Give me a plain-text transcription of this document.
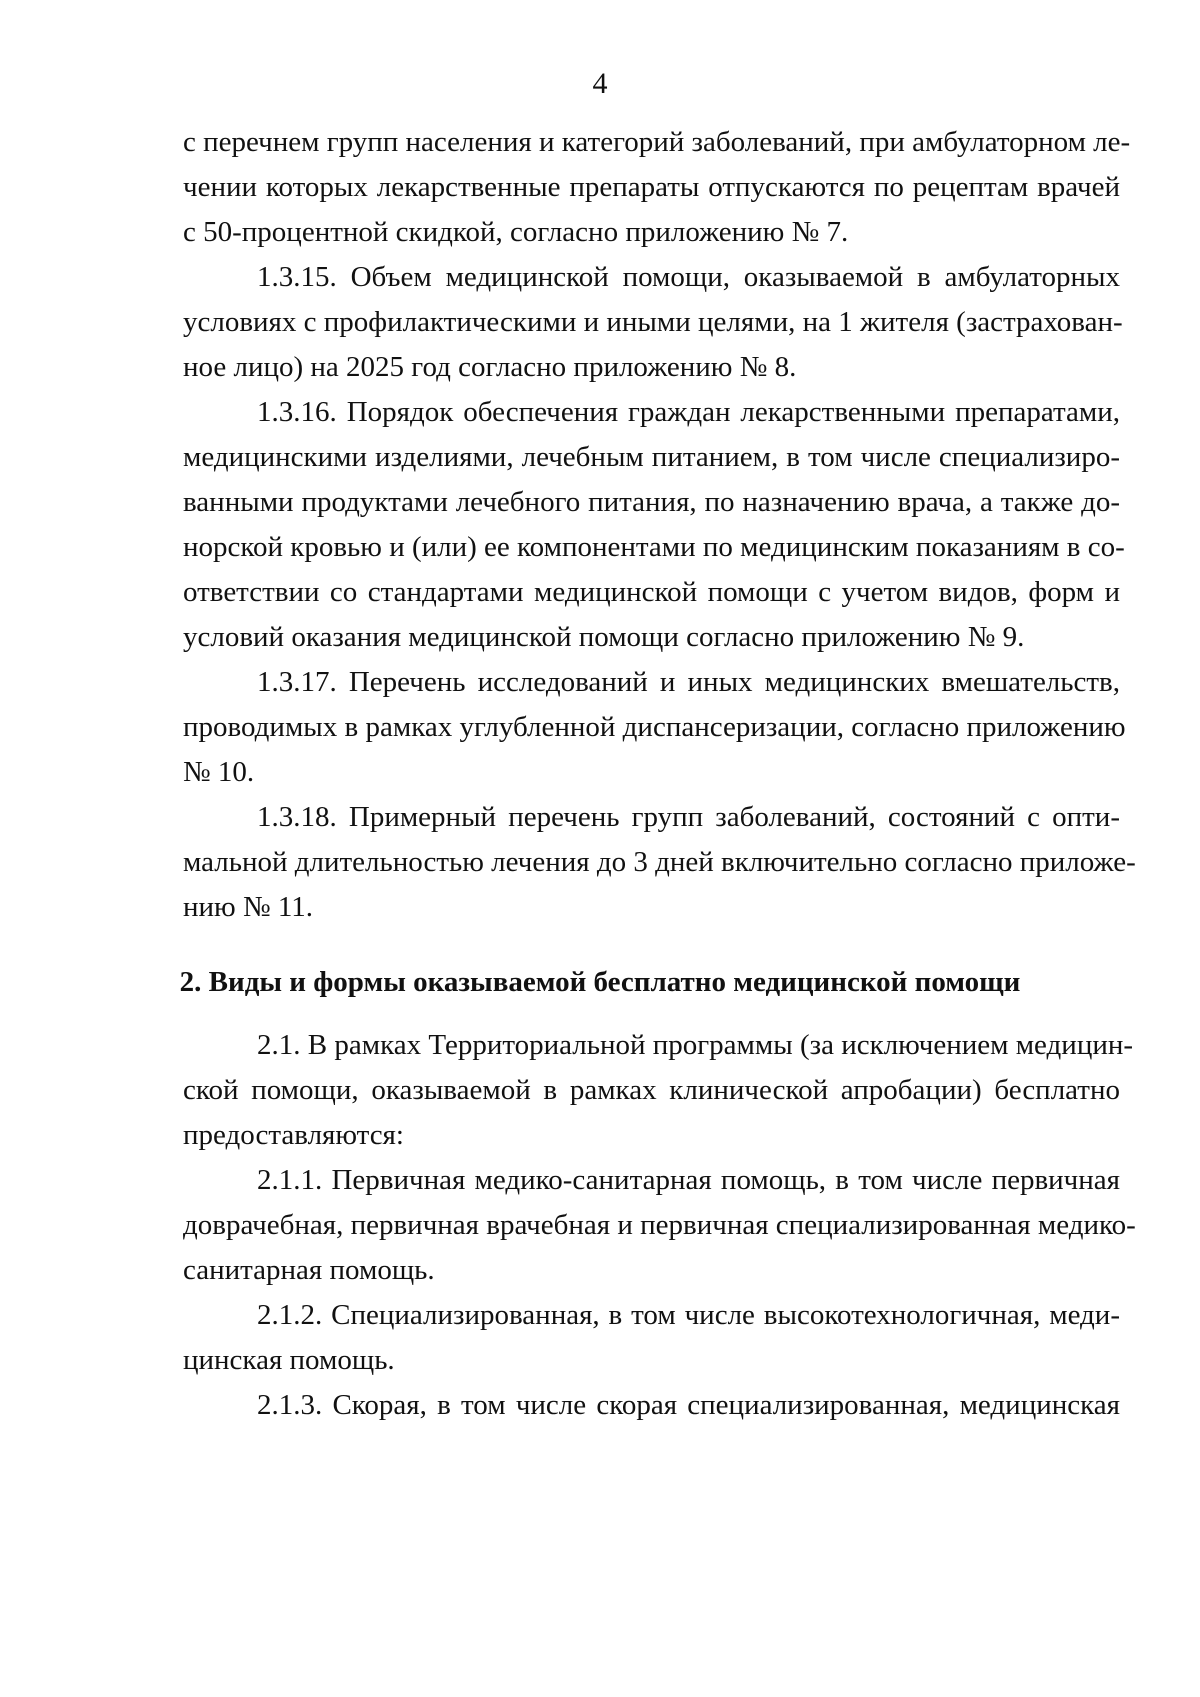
4
с перечнем групп населения и категорий заболеваний, при амбулаторном ле-
чении которых лекарственные препараты отпускаются по рецептам врачей
с 50-процентной скидкой, согласно приложению № 7.
1.3.15. Объем медицинской помощи, оказываемой в амбулаторных
условиях с профилактическими и иными целями, на 1 жителя (застрахован-
ное лицо) на 2025 год согласно приложению № 8.
1.3.16. Порядок обеспечения граждан лекарственными препаратами,
медицинскими изделиями, лечебным питанием, в том числе специализиро-
ванными продуктами лечебного питания, по назначению врача, а также до-
норской кровью и (или) ее компонентами по медицинским показаниям в со-
ответствии со стандартами медицинской помощи с учетом видов, форм и
условий оказания медицинской помощи согласно приложению № 9.
1.3.17. Перечень исследований и иных медицинских вмешательств,
проводимых в рамках углубленной диспансеризации, согласно приложению
№ 10.
1.3.18. Примерный перечень групп заболеваний, состояний с опти-
мальной длительностью лечения до 3 дней включительно согласно приложе-
нию № 11.
2. Виды и формы оказываемой бесплатно медицинской помощи
2.1. В рамках Территориальной программы (за исключением медицин-
ской помощи, оказываемой в рамках клинической апробации) бесплатно
предоставляются:
2.1.1. Первичная медико-санитарная помощь, в том числе первичная
доврачебная, первичная врачебная и первичная специализированная медико-
санитарная помощь.
2.1.2. Специализированная, в том числе высокотехнологичная, меди-
цинская помощь.
2.1.3. Скорая, в том числе скорая специализированная, медицинская
